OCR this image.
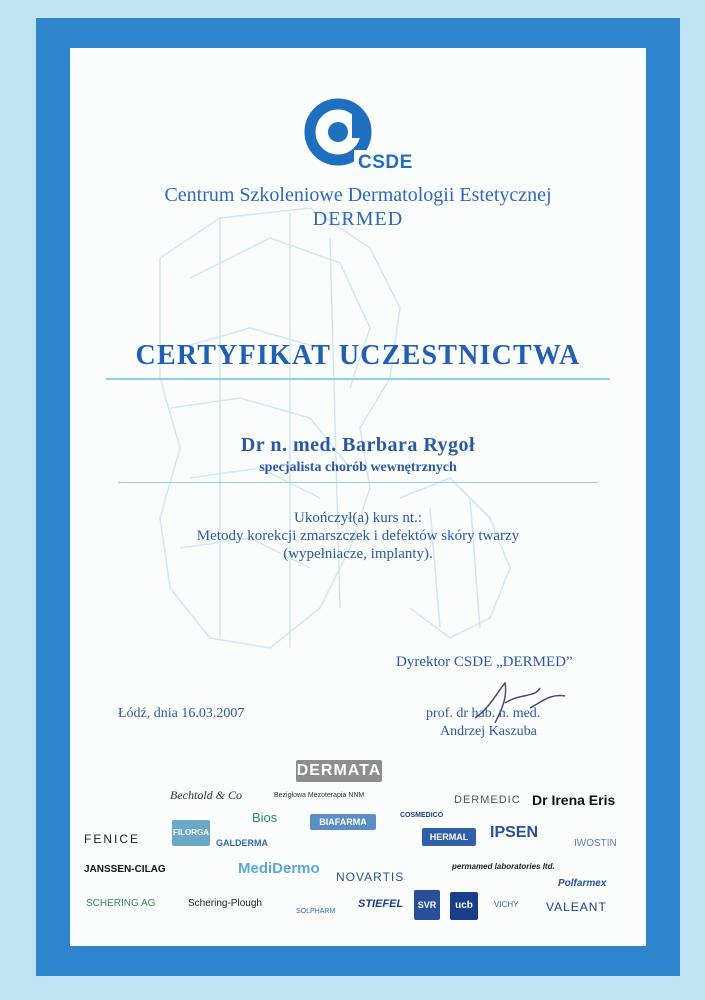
CSDE
Centrum Szkoleniowe Dermatologii Estetycznej
DERMED
CERTYFIKAT UCZESTNICTWA
Dr n. med. Barbara Rygoł
specjalista chorób wewnętrznych
Ukończył(a) kurs nt.:
Metody korekcji zmarszczek i defektów skóry twarzy
(wypełniacze, implanty).
Dyrektor CSDE „DERMED”
Łódź, dnia 16.03.2007	prof. dr hab. n. med.
Andrzej Kaszuba
DERMATA
Bechtold & Co	Bezigłowa Mezoterapia NNM	DERMEDIC Dr Irena Eris
FENICE	FILORGA
Bios	BIAFARMA
COSMEDICO
HERMAL	IPSEN
IWOSTIN
GALDERMA
JANSSEN-CILAG	MediDermo NOVARTIS
permamed laboratories ltd.
Polfarmex
SCHERING AG	Schering-Plough
SOLPHARM
STIEFEL	SVR	ucb	VICHY VALEANT
